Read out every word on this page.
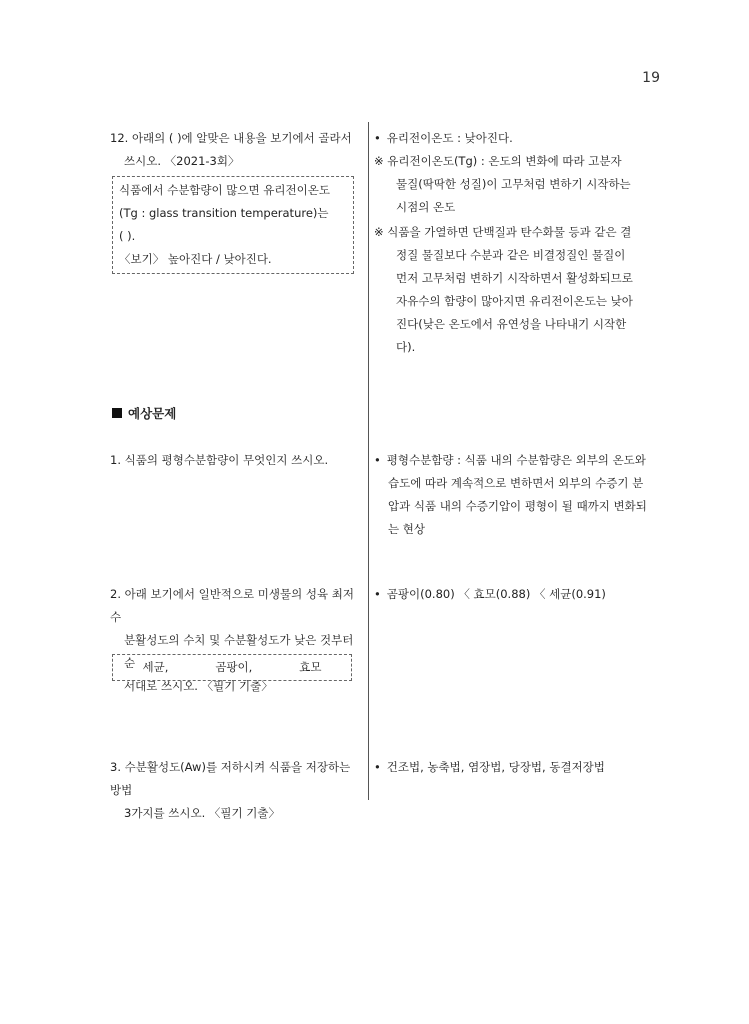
19
12. 아래의 ( )에 알맞은 내용을 보기에서 골라서
쓰시오. 〈2021-3회〉
식품에서 수분함량이 많으면 유리전이온도
(Tg : glass transition temperature)는
( ).
〈보기〉 높아진다 / 낮아진다.
• 유리전이온도 : 낮아진다.
※ 유리전이온도(Tg) : 온도의 변화에 따라 고분자 물질(딱딱한 성질)이 고무처럼 변하기 시작하는 시점의 온도
※ 식품을 가열하면 단백질과 탄수화물 등과 같은 결정질 물질보다 수분과 같은 비결정질인 물질이 먼저 고무처럼 변하기 시작하면서 활성화되므로 자유수의 함량이 많아지면 유리전이온도는 낮아진다(낮은 온도에서 유연성을 나타내기 시작한다).
예상문제
1. 식품의 평형수분함량이 무엇인지 쓰시오.
•	평형수분함량 : 식품 내의 수분함량은 외부의 온도와 습도에 따라 계속적으로 변하면서 외부의 수증기 분압과 식품 내의 수증기압이 평형이 될 때까지 변화되는 현상
2. 아래 보기에서 일반적으로 미생물의 성육 최저 수
분활성도의 수치 및 수분활성도가 낮은 것부터 순
서대로 쓰시오. 〈필기 기출〉
세균,	곰팡이,	효모
• 곰팡이(0.80) 〈 효모(0.88) 〈 세균(0.91)
3. 수분활성도(Aw)를 저하시켜 식품을 저장하는 방법
3가지를 쓰시오. 〈필기 기출〉
• 건조법, 농축법, 염장법, 당장법, 동결저장법
